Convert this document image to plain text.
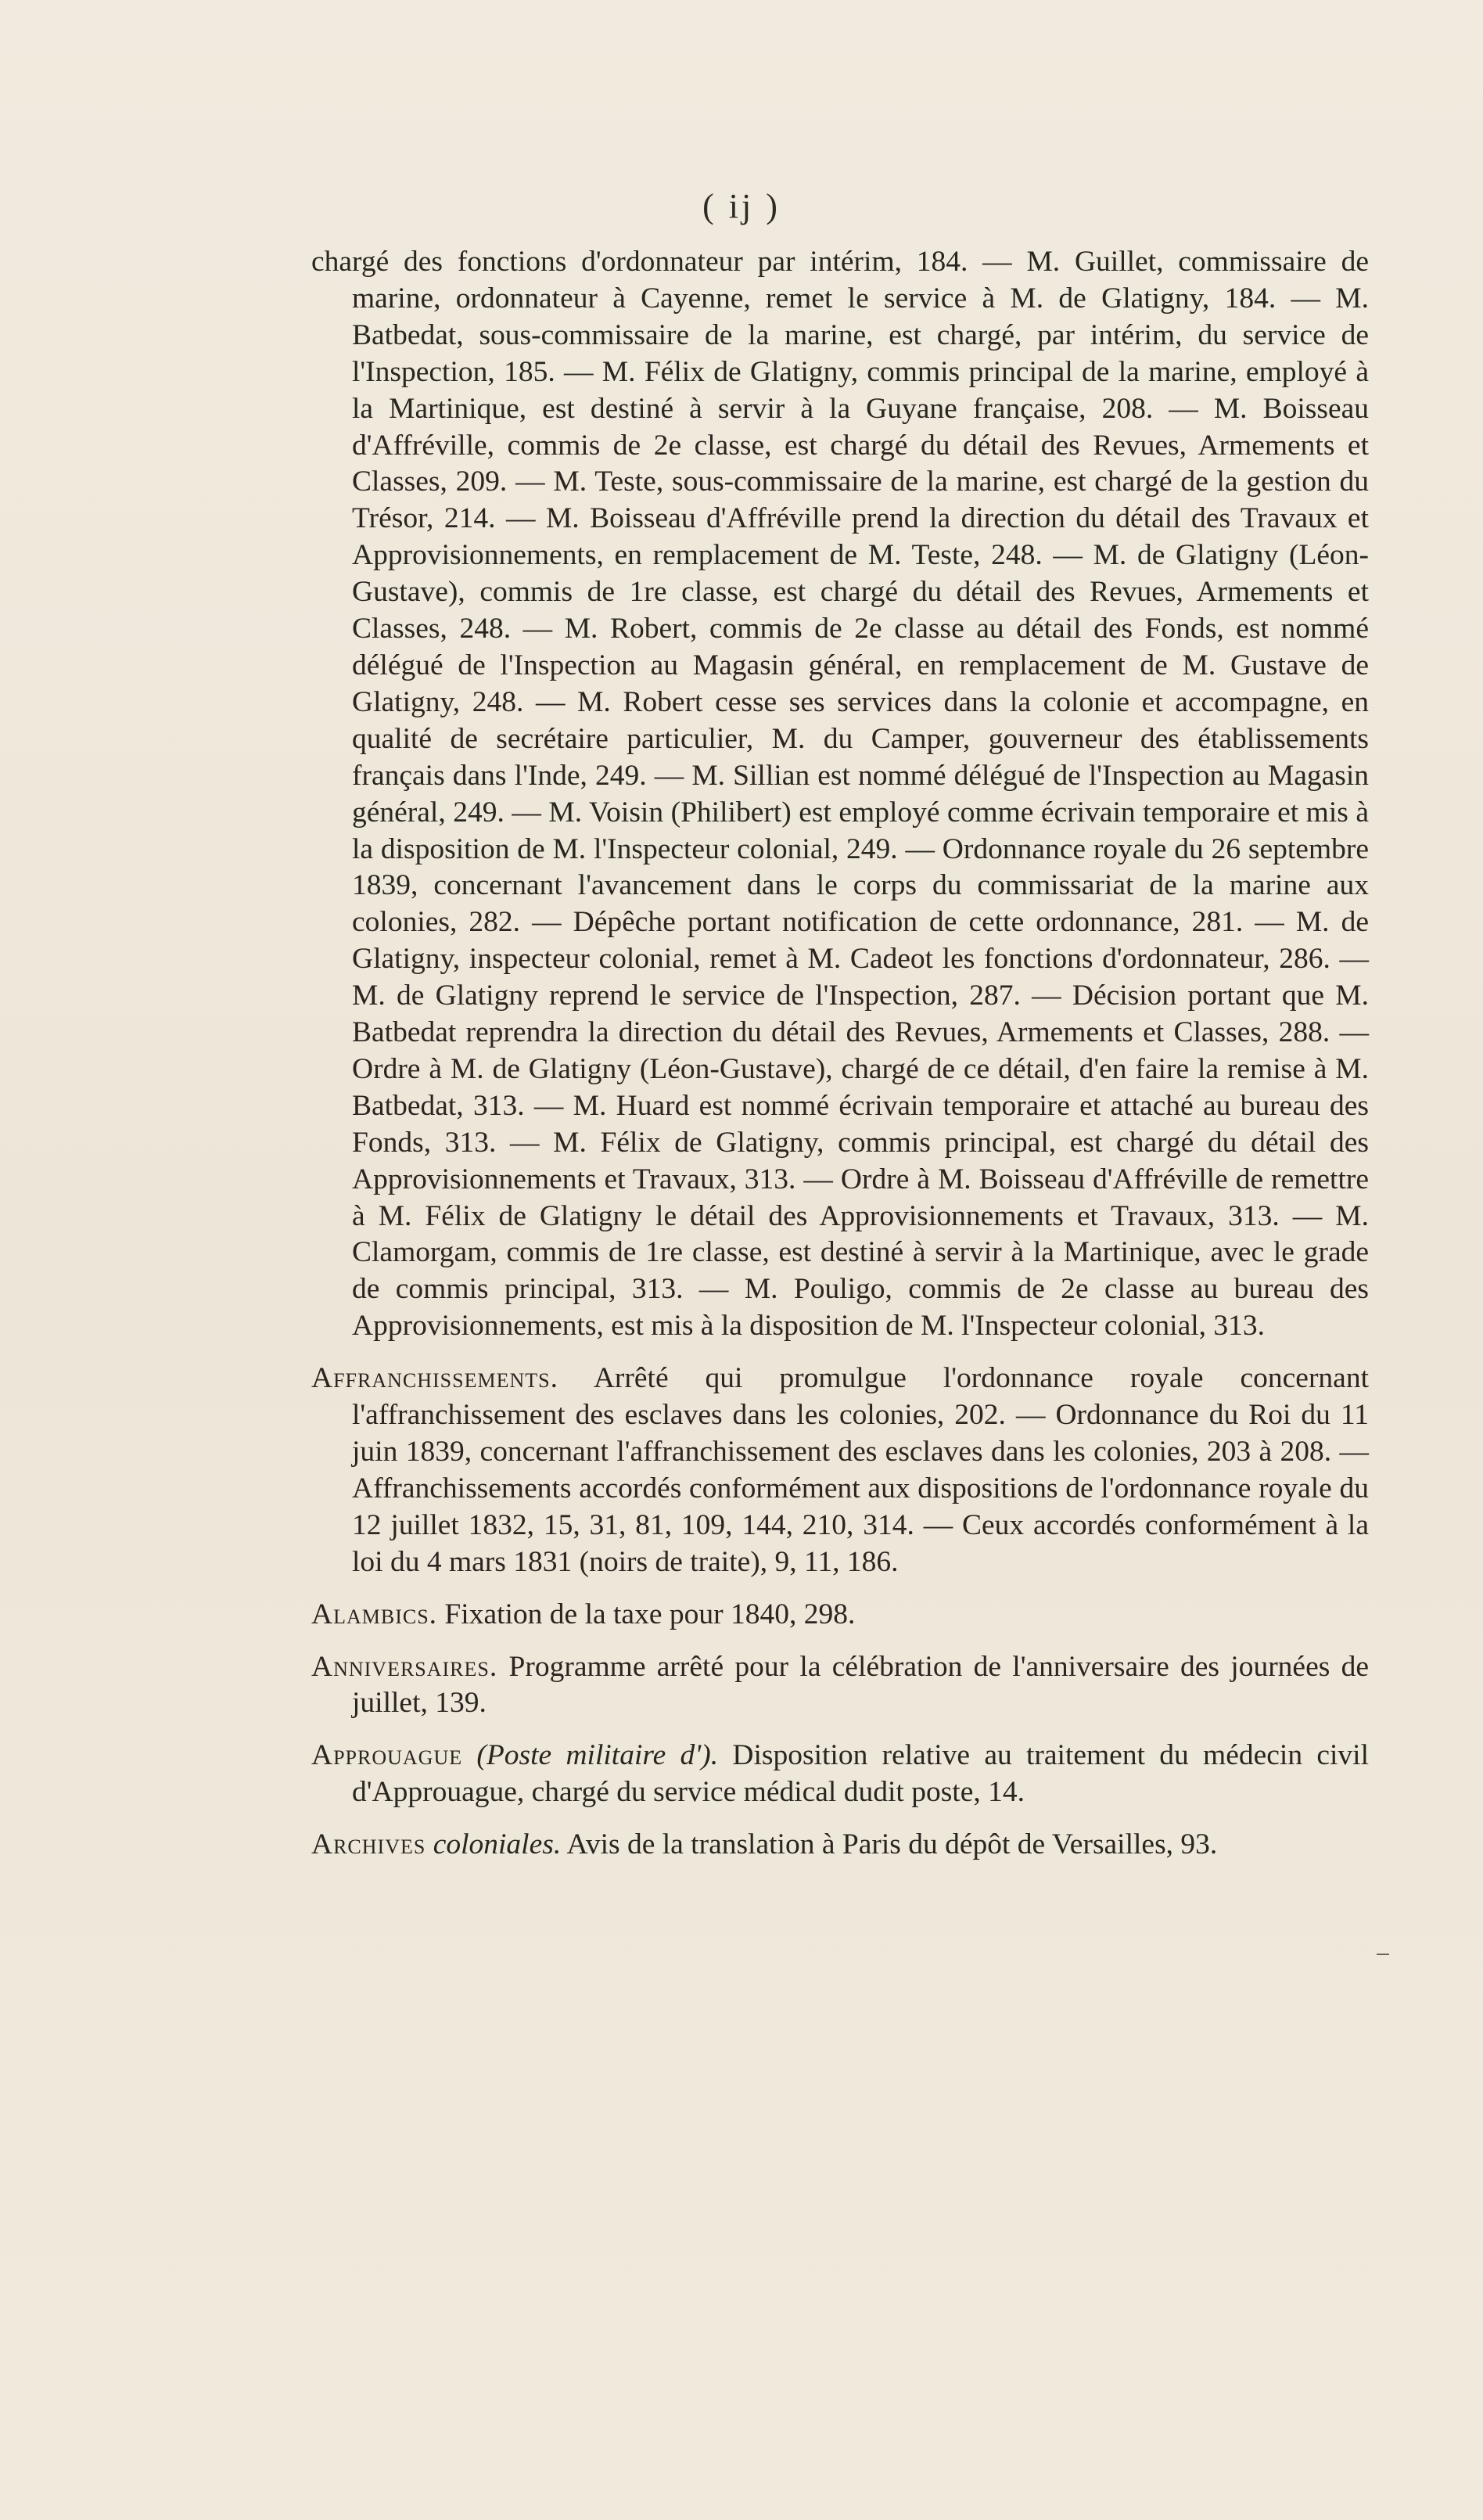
( ij )

chargé des fonctions d'ordonnateur par intérim, 184. — M. Guillet, commissaire de marine, ordonnateur à Cayenne, remet le service à M. de Glatigny, 184. — M. Batbedat, sous-commissaire de la marine, est chargé, par intérim, du service de l'Inspection, 185. — M. Félix de Glatigny, commis principal de la marine, employé à la Martinique, est destiné à servir à la Guyane française, 208. — M. Boisseau d'Affréville, commis de 2e classe, est chargé du détail des Revues, Armements et Classes, 209. — M. Teste, sous-commissaire de la marine, est chargé de la gestion du Trésor, 214. — M. Boisseau d'Affréville prend la direction du détail des Travaux et Approvisionnements, en remplacement de M. Teste, 248. — M. de Glatigny (Léon-Gustave), commis de 1re classe, est chargé du détail des Revues, Armements et Classes, 248. — M. Robert, commis de 2e classe au détail des Fonds, est nommé délégué de l'Inspection au Magasin général, en remplacement de M. Gustave de Glatigny, 248. — M. Robert cesse ses services dans la colonie et accompagne, en qualité de secrétaire particulier, M. du Camper, gouverneur des établissements français dans l'Inde, 249. — M. Sillian est nommé délégué de l'Inspection au Magasin général, 249. — M. Voisin (Philibert) est employé comme écrivain temporaire et mis à la disposition de M. l'Inspecteur colonial, 249. — Ordonnance royale du 26 septembre 1839, concernant l'avancement dans le corps du commissariat de la marine aux colonies, 282. — Dépêche portant notification de cette ordonnance, 281. — M. de Glatigny, inspecteur colonial, remet à M. Cadeot les fonctions d'ordonnateur, 286. — M. de Glatigny reprend le service de l'Inspection, 287. — Décision portant que M. Batbedat reprendra la direction du détail des Revues, Armements et Classes, 288. — Ordre à M. de Glatigny (Léon-Gustave), chargé de ce détail, d'en faire la remise à M. Batbedat, 313. — M. Huard est nommé écrivain temporaire et attaché au bureau des Fonds, 313. — M. Félix de Glatigny, commis principal, est chargé du détail des Approvisionnements et Travaux, 313. — Ordre à M. Boisseau d'Affréville de remettre à M. Félix de Glatigny le détail des Approvisionnements et Travaux, 313. — M. Clamorgam, commis de 1re classe, est destiné à servir à la Martinique, avec le grade de commis principal, 313. — M. Pouligo, commis de 2e classe au bureau des Approvisionnements, est mis à la disposition de M. l'Inspecteur colonial, 313.

Affranchissements. Arrêté qui promulgue l'ordonnance royale concernant l'affranchissement des esclaves dans les colonies, 202. — Ordonnance du Roi du 11 juin 1839, concernant l'affranchissement des esclaves dans les colonies, 203 à 208. — Affranchissements accordés conformément aux dispositions de l'ordonnance royale du 12 juillet 1832, 15, 31, 81, 109, 144, 210, 314. — Ceux accordés conformément à la loi du 4 mars 1831 (noirs de traite), 9, 11, 186.

Alambics. Fixation de la taxe pour 1840, 298.

Anniversaires. Programme arrêté pour la célébration de l'anniversaire des journées de juillet, 139.

Approuague (Poste militaire d'). Disposition relative au traitement du médecin civil d'Approuague, chargé du service médical dudit poste, 14.

Archives coloniales. Avis de la translation à Paris du dépôt de Versailles, 93.
